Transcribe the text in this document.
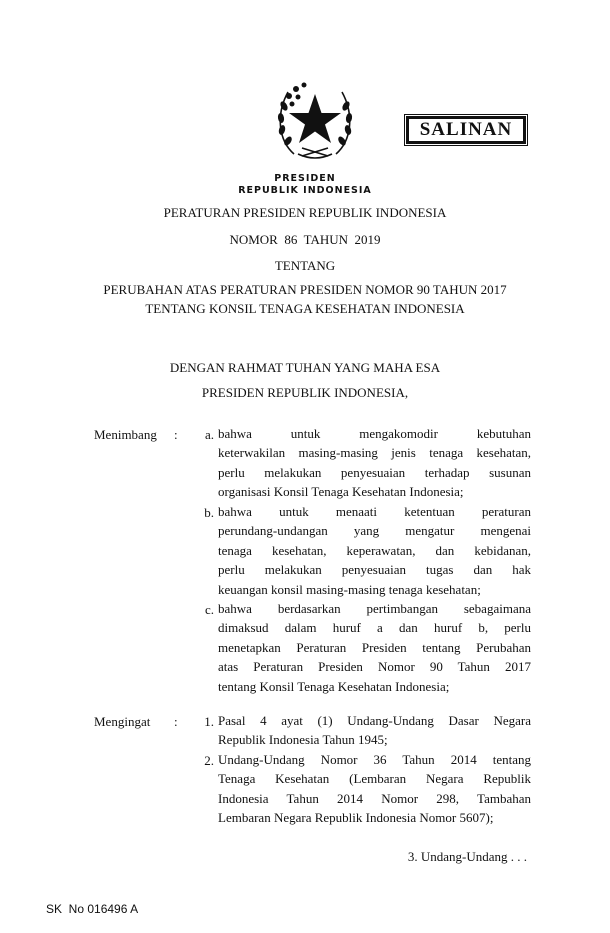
SALINAN
PRESIDEN
REPUBLIK INDONESIA
PERATURAN PRESIDEN REPUBLIK INDONESIA
NOMOR  86  TAHUN  2019
TENTANG
PERUBAHAN ATAS PERATURAN PRESIDEN NOMOR 90 TAHUN 2017
TENTANG KONSIL TENAGA KESEHATAN INDONESIA
DENGAN RAHMAT TUHAN YANG MAHA ESA
PRESIDEN REPUBLIK INDONESIA,
Menimbang :	a. bahwa untuk mengakomodir kebutuhan
keterwakilan masing-masing jenis tenaga kesehatan,
perlu melakukan penyesuaian terhadap susunan
organisasi Konsil Tenaga Kesehatan Indonesia;
b. bahwa untuk menaati ketentuan peraturan
perundang-undangan yang mengatur mengenai
tenaga kesehatan, keperawatan, dan kebidanan,
perlu melakukan penyesuaian tugas dan hak
keuangan konsil masing-masing tenaga kesehatan;
c. bahwa berdasarkan pertimbangan sebagaimana
dimaksud dalam huruf a dan huruf b, perlu
menetapkan Peraturan Presiden tentang Perubahan
atas Peraturan Presiden Nomor 90 Tahun 2017
tentang Konsil Tenaga Kesehatan Indonesia;
Mengingat :	1. Pasal 4 ayat (1) Undang-Undang Dasar Negara
Republik Indonesia Tahun 1945;
2. Undang-Undang Nomor 36 Tahun 2014 tentang
Tenaga Kesehatan (Lembaran Negara Republik
Indonesia Tahun 2014 Nomor 298, Tambahan
Lembaran Negara Republik Indonesia Nomor 5607);
3. Undang-Undang . . .
SK  No 016496 A
